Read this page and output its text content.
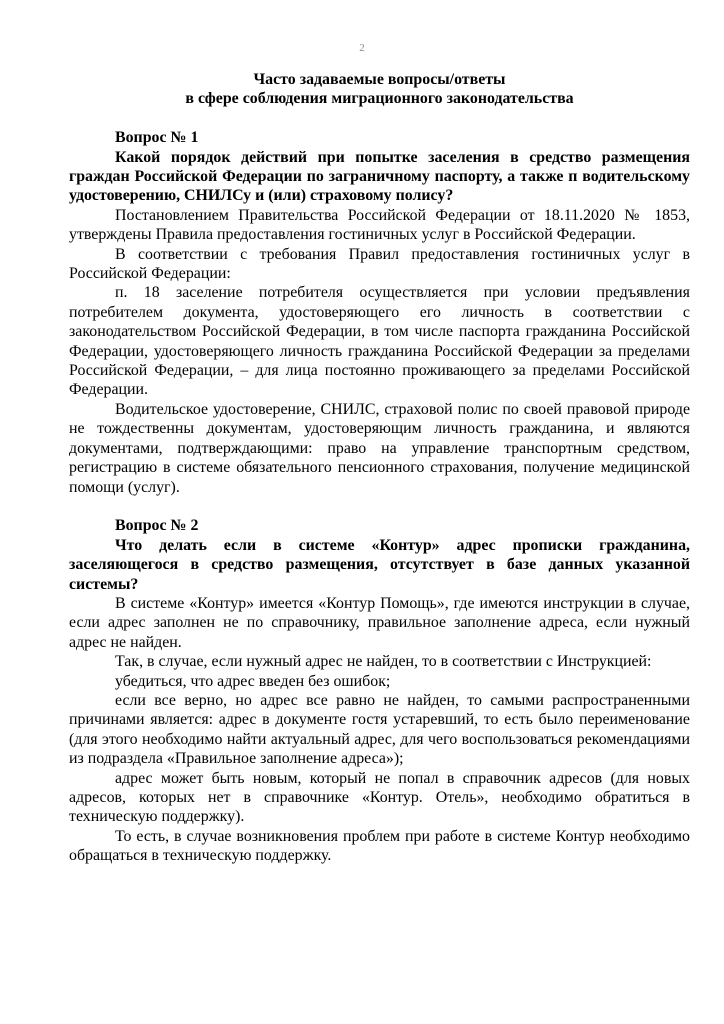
2
Часто задаваемые вопросы/ответы
в сфере соблюдения миграционного законодательства
Вопрос № 1
Какой порядок действий при попытке заселения в средство размещения граждан Российской Федерации по заграничному паспорту, а также п водительскому удостоверению, СНИЛСу и (или) страховому полису?
Постановлением Правительства Российской Федерации от 18.11.2020 № 1853, утверждены Правила предоставления гостиничных услуг в Российской Федерации.
В соответствии с требования Правил предоставления гостиничных услуг в Российской Федерации:
п. 18 заселение потребителя осуществляется при условии предъявления потребителем документа, удостоверяющего его личность в соответствии с законодательством Российской Федерации, в том числе паспорта гражданина Российской Федерации, удостоверяющего личность гражданина Российской Федерации за пределами Российской Федерации, – для лица постоянно проживающего за пределами Российской Федерации.
Водительское удостоверение, СНИЛС, страховой полис по своей правовой природе не тождественны документам, удостоверяющим личность гражданина, и являются документами, подтверждающими: право на управление транспортным средством, регистрацию в системе обязательного пенсионного страхования, получение медицинской помощи (услуг).
Вопрос № 2
Что делать если в системе «Контур» адрес прописки гражданина, заселяющегося в средство размещения, отсутствует в базе данных указанной системы?
В системе «Контур» имеется «Контур Помощь», где имеются инструкции в случае, если адрес заполнен не по справочнику, правильное заполнение адреса, если нужный адрес не найден.
Так, в случае, если нужный адрес не найден, то в соответствии с Инструкцией:
убедиться, что адрес введен без ошибок;
если все верно, но адрес все равно не найден, то самыми распространенными причинами является: адрес в документе гостя устаревший, то есть было переименование (для этого необходимо найти актуальный адрес, для чего воспользоваться рекомендациями из подраздела «Правильное заполнение адреса»);
адрес может быть новым, который не попал в справочник адресов (для новых адресов, которых нет в справочнике «Контур. Отель», необходимо обратиться в техническую поддержку).
То есть, в случае возникновения проблем при работе в системе Контур необходимо обращаться в техническую поддержку.
